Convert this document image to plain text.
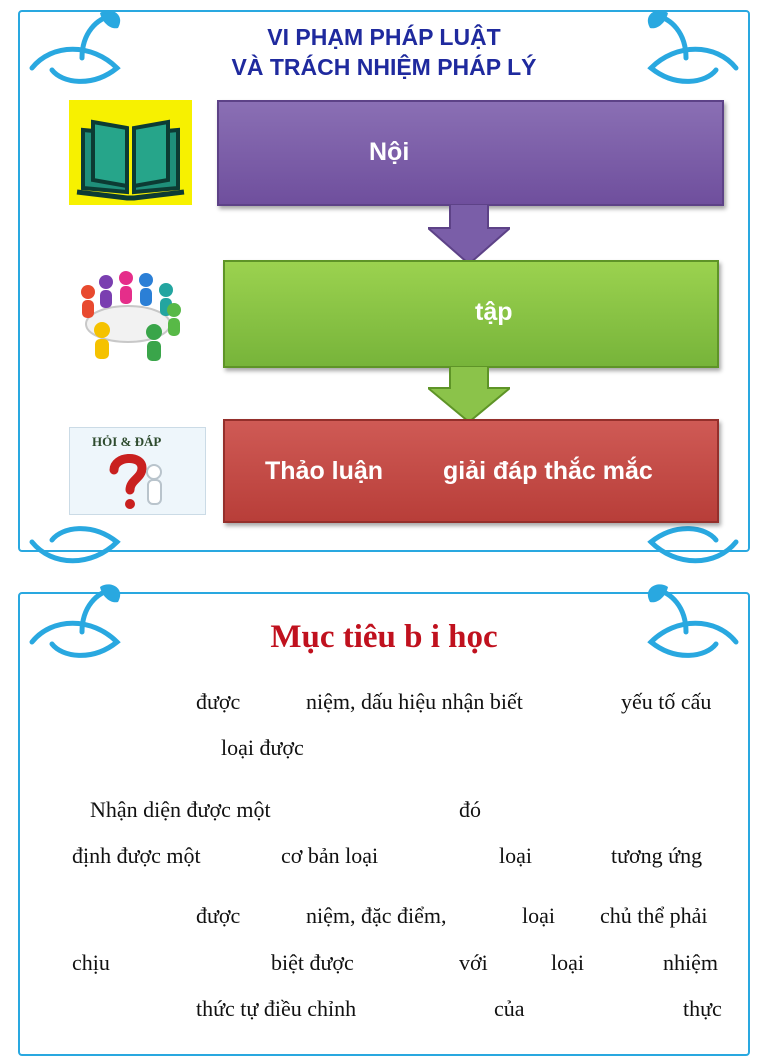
VI PHẠM PHÁP LUẬT
VÀ TRÁCH NHIỆM PHÁP LÝ
HỎI & ĐÁP
Nội
tập
Thảo luận giải đáp thắc mắc
Mục tiêu b i học
được	niệm, dấu hiệu nhận biết	yếu tố cấu
loại được
Nhận diện được một	đó
định được một	cơ bản loại	loại	tương ứng
được	niệm, đặc điểm,	loại chủ thể phải
chịu	biệt được	với	loại	nhiệm
thức tự điều chỉnh	của	thực
